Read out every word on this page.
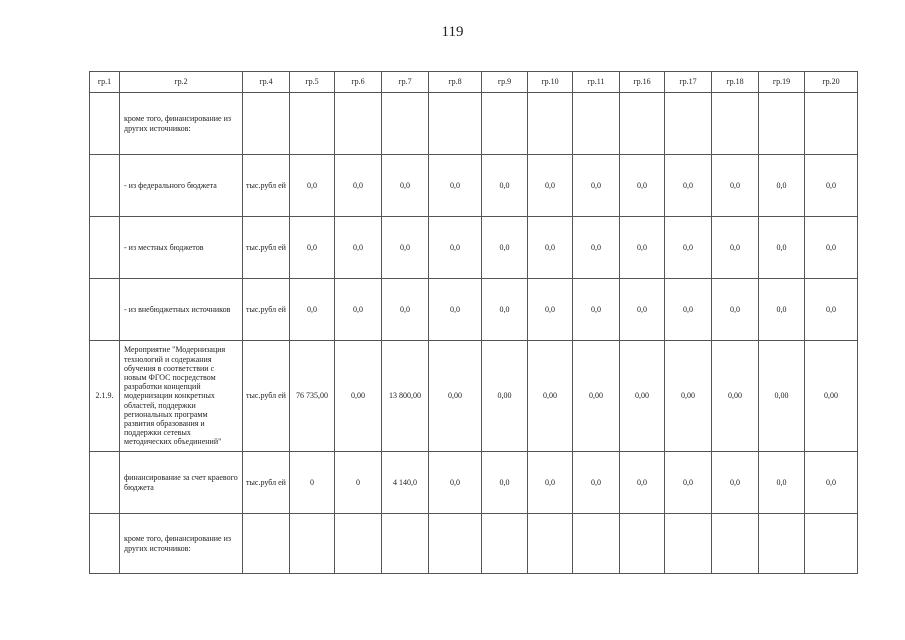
119
гр.1	гр.2	гр.4	гр.5	гр.6	гр.7	гр.8	гр.9	гр.10	гр.11	гр.16	гр.17	гр.18	гр.19	гр.20
	кроме того, финансирование из других источников:													
	- из федерального бюджета	тыс.рубл ей	0,0	0,0	0,0	0,0	0,0	0,0	0,0	0,0	0,0	0,0	0,0	0,0
	- из местных бюджетов	тыс.рубл ей	0,0	0,0	0,0	0,0	0,0	0,0	0,0	0,0	0,0	0,0	0,0	0,0
	- из внебюджетных источников	тыс.рубл ей	0,0	0,0	0,0	0,0	0,0	0,0	0,0	0,0	0,0	0,0	0,0	0,0
2.1.9.	Мероприятие "Модернизация технологий и содержания обучения в соответствии с новым ФГОС посредством разработки концепций модернизации конкретных областей, поддержки региональных программ развития образования и поддержки сетевых методических объединений"	тыс.рубл ей	76 735,00	0,00	13 800,00	0,00	0,00	0,00	0,00	0,00	0,00	0,00	0,00	0,00
	финансирование за счет краевого бюджета	тыс.рубл ей	0	0	4 140,0	0,0	0,0	0,0	0,0	0,0	0,0	0,0	0,0	0,0
	кроме того, финансирование из других источников:													
